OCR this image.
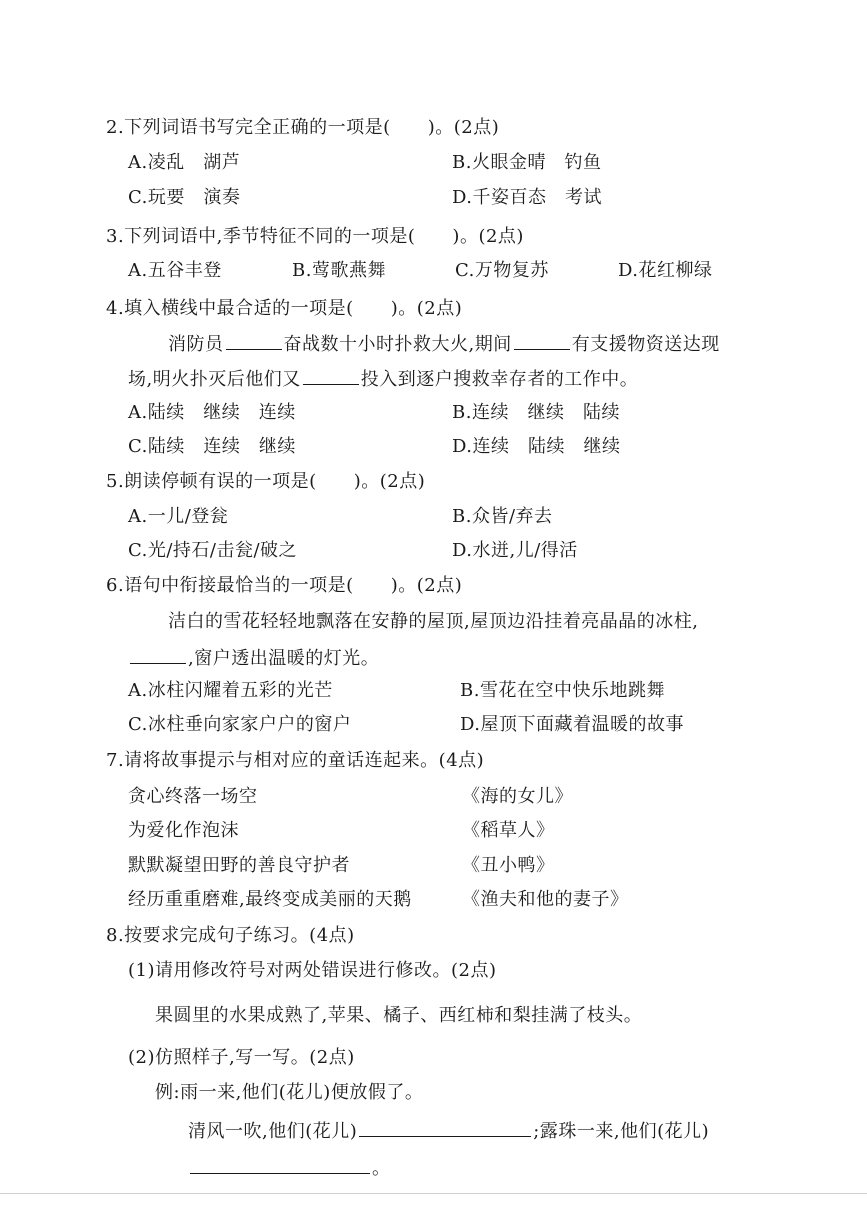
2.下列词语书写完全正确的一项是(　　)。(2点)
A.凌乱　湖芦	B.火眼金晴　钓鱼
C.玩要　演奏	D.千姿百态　考试
3.下列词语中,季节特征不同的一项是(　　)。(2点)
A.五谷丰登	B.莺歌燕舞	C.万物复苏	D.花红柳绿
4.填入横线中最合适的一项是(　　)。(2点)
消防员	奋战数十小时扑救大火,期间	有支援物资送达现
场,明火扑灭后他们又	投入到逐户搜救幸存者的工作中。
A.陆续　继续　连续	B.连续　继续　陆续
C.陆续　连续　继续	D.连续　陆续　继续
5.朗读停顿有误的一项是(　　)。(2点)
A.一儿/登瓮	B.众皆/弃去
C.光/持石/击瓮/破之	D.水迸,儿/得活
6.语句中衔接最恰当的一项是(　　)。(2点)
洁白的雪花轻轻地飘落在安静的屋顶,屋顶边沿挂着亮晶晶的冰柱,
,窗户透出温暖的灯光。
A.冰柱闪耀着五彩的光芒	B.雪花在空中快乐地跳舞
C.冰柱垂向家家户户的窗户	D.屋顶下面藏着温暖的故事
7.请将故事提示与相对应的童话连起来。(4点)
贪心终落一场空	《海的女儿》
为爱化作泡沫	《稻草人》
默默凝望田野的善良守护者	《丑小鸭》
经历重重磨难,最终变成美丽的天鹅	《渔夫和他的妻子》
8.按要求完成句子练习。(4点)
(1)请用修改符号对两处错误进行修改。(2点)
果圆里的水果成熟了,苹果、橘子、西红柿和梨挂满了枝头。
(2)仿照样子,写一写。(2点)
例:雨一来,他们(花儿)便放假了。
清风一吹,他们(花儿)	;露珠一来,他们(花儿)
。
